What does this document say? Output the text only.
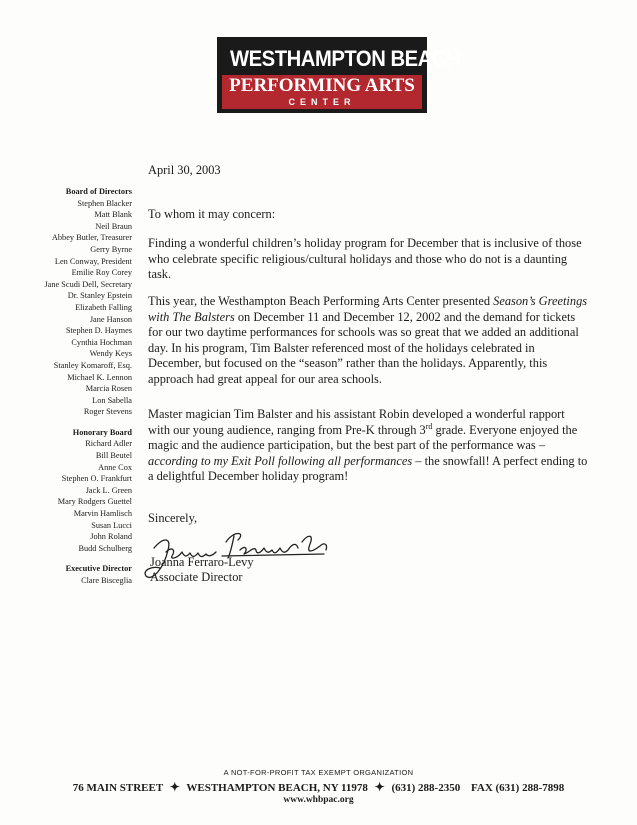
WESTHAMPTON BEACH
PERFORMING ARTS
CENTER
Board of Directors
Stephen Blacker
Matt Blank
Neil Braun
Abbey Butler, Treasurer
Gerry Byrne
Len Conway, President
Emilie Roy Corey
Jane Scudi Dell, Secretary
Dr. Stanley Epstein
Elizabeth Falling
Jane Hanson
Stephen D. Haymes
Cynthia Hochman
Wendy Keys
Stanley Komaroff, Esq.
Michael K. Lennon
Marcia Rosen
Lon Sabella
Roger Stevens
Honorary Board
Richard Adler
Bill Beutel
Anne Cox
Stephen O. Frankfurt
Jack L. Green
Mary Rodgers Guettel
Marvin Hamlisch
Susan Lucci
John Roland
Budd Schulberg
Executive Director
Clare Bisceglia

April 30, 2003

To whom it may concern:

Finding a wonderful children’s holiday program for December that is inclusive of those who celebrate specific religious/cultural holidays and those who do not is a daunting task.

This year, the Westhampton Beach Performing Arts Center presented Season’s Greetings with The Balsters on December 11 and December 12, 2002 and the demand for tickets for our two daytime performances for schools was so great that we added an additional day. In his program, Tim Balster referenced most of the holidays celebrated in December, but focused on the “season” rather than the holidays. Apparently, this approach had great appeal for our area schools.

Master magician Tim Balster and his assistant Robin developed a wonderful rapport with our young audience, ranging from Pre-K through 3rd grade. Everyone enjoyed the magic and the audience participation, but the best part of the performance was – according to my Exit Poll following all performances – the snowfall! A perfect ending to a delightful December holiday program!

Sincerely,

Joanna Ferraro-Levy
Associate Director
A NOT-FOR-PROFIT TAX EXEMPT ORGANIZATION
76 MAIN STREET ✦ WESTHAMPTON BEACH, NY 11978 ✦ (631) 288-2350 FAX (631) 288-7898
www.whbpac.org
